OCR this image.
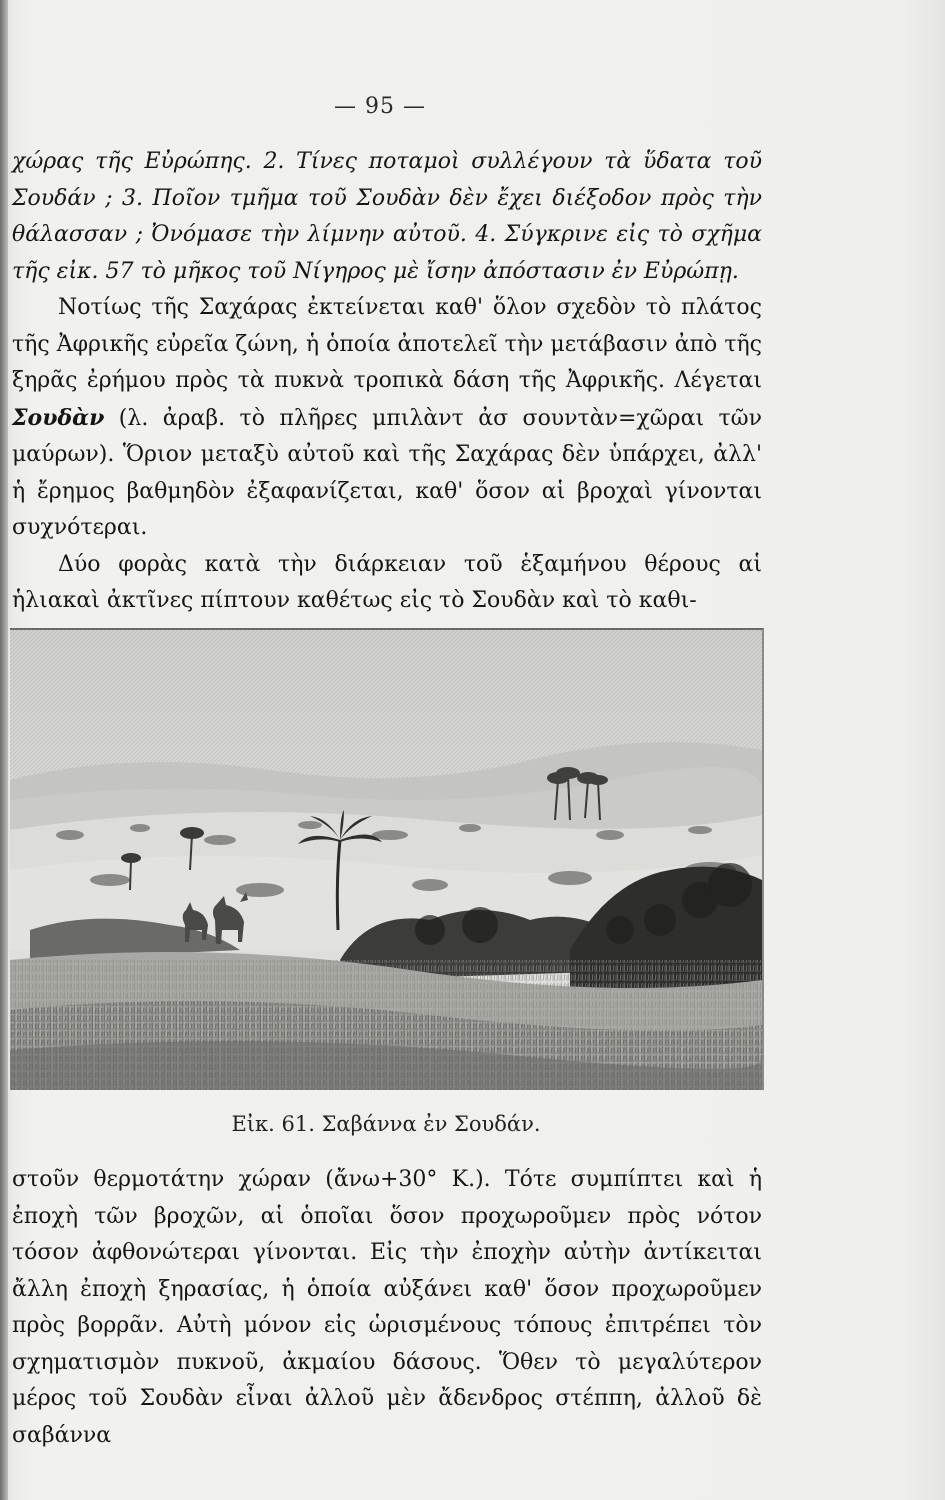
— 95 —

χώρας τῆς Εὐρώπης. 2. Τίνες ποταμοὶ συλλέγουν τὰ ὕδατα τοῦ Σουδάν ; 3. Ποῖον τμῆμα τοῦ Σουδὰν δὲν ἔχει διέξοδον πρὸς τὴν θάλασσαν ; Ὀνόμασε τὴν λίμνην αὐτοῦ. 4. Σύγκρινε εἰς τὸ σχῆμα τῆς εἰκ. 57 τὸ μῆκος τοῦ Νίγηρος μὲ ἴσην ἀπόστασιν ἐν Εὐρώπῃ.

Νοτίως τῆς Σαχάρας ἐκτείνεται καθ' ὅλον σχεδὸν τὸ πλάτος τῆς Ἀφρικῆς εὐρεῖα ζώνη, ἡ ὁποία ἀποτελεῖ τὴν μετάβασιν ἀπὸ τῆς ξηρᾶς ἐρήμου πρὸς τὰ πυκνὰ τροπικὰ δάση τῆς Ἀφρικῆς. Λέγεται Σουδὰν (λ. ἀραβ. τὸ πλῆρες μπιλὰντ ἀσ σουντὰν=χῶραι τῶν μαύρων). Ὅριον μεταξὺ αὐτοῦ καὶ τῆς Σαχάρας δὲν ὑπάρχει, ἀλλ' ἡ ἔρημος βαθμηδὸν ἐξαφανίζεται, καθ' ὅσον αἱ βροχαὶ γίνονται συχνότεραι.

Δύο φορὰς κατὰ τὴν διάρκειαν τοῦ ἑξαμήνου θέρους αἱ ἡλιακαὶ ἀκτῖνες πίπτουν καθέτως εἰς τὸ Σουδὰν καὶ τὸ καθι-

Εἰκ. 61. Σαβάννα ἐν Σουδάν.

στοῦν θερμοτάτην χώραν (ἄνω+30° Κ.). Τότε συμπίπτει καὶ ἡ ἐποχὴ τῶν βροχῶν, αἱ ὁποῖαι ὅσον προχωροῦμεν πρὸς νότον τόσον ἀφθονώτεραι γίνονται. Εἰς τὴν ἐποχὴν αὐτὴν ἀντίκειται ἄλλη ἐποχὴ ξηρασίας, ἡ ὁποία αὐξάνει καθ' ὅσον προχωροῦμεν πρὸς βορρᾶν. Αὐτὴ μόνον εἰς ὡρισμένους τόπους ἐπιτρέπει τὸν σχηματισμὸν πυκνοῦ, ἀκμαίου δάσους. Ὅθεν τὸ μεγαλύτερον μέρος τοῦ Σουδὰν εἶναι ἀλλοῦ μὲν ἄδενδρος στέππη, ἀλλοῦ δὲ σαβάννα
